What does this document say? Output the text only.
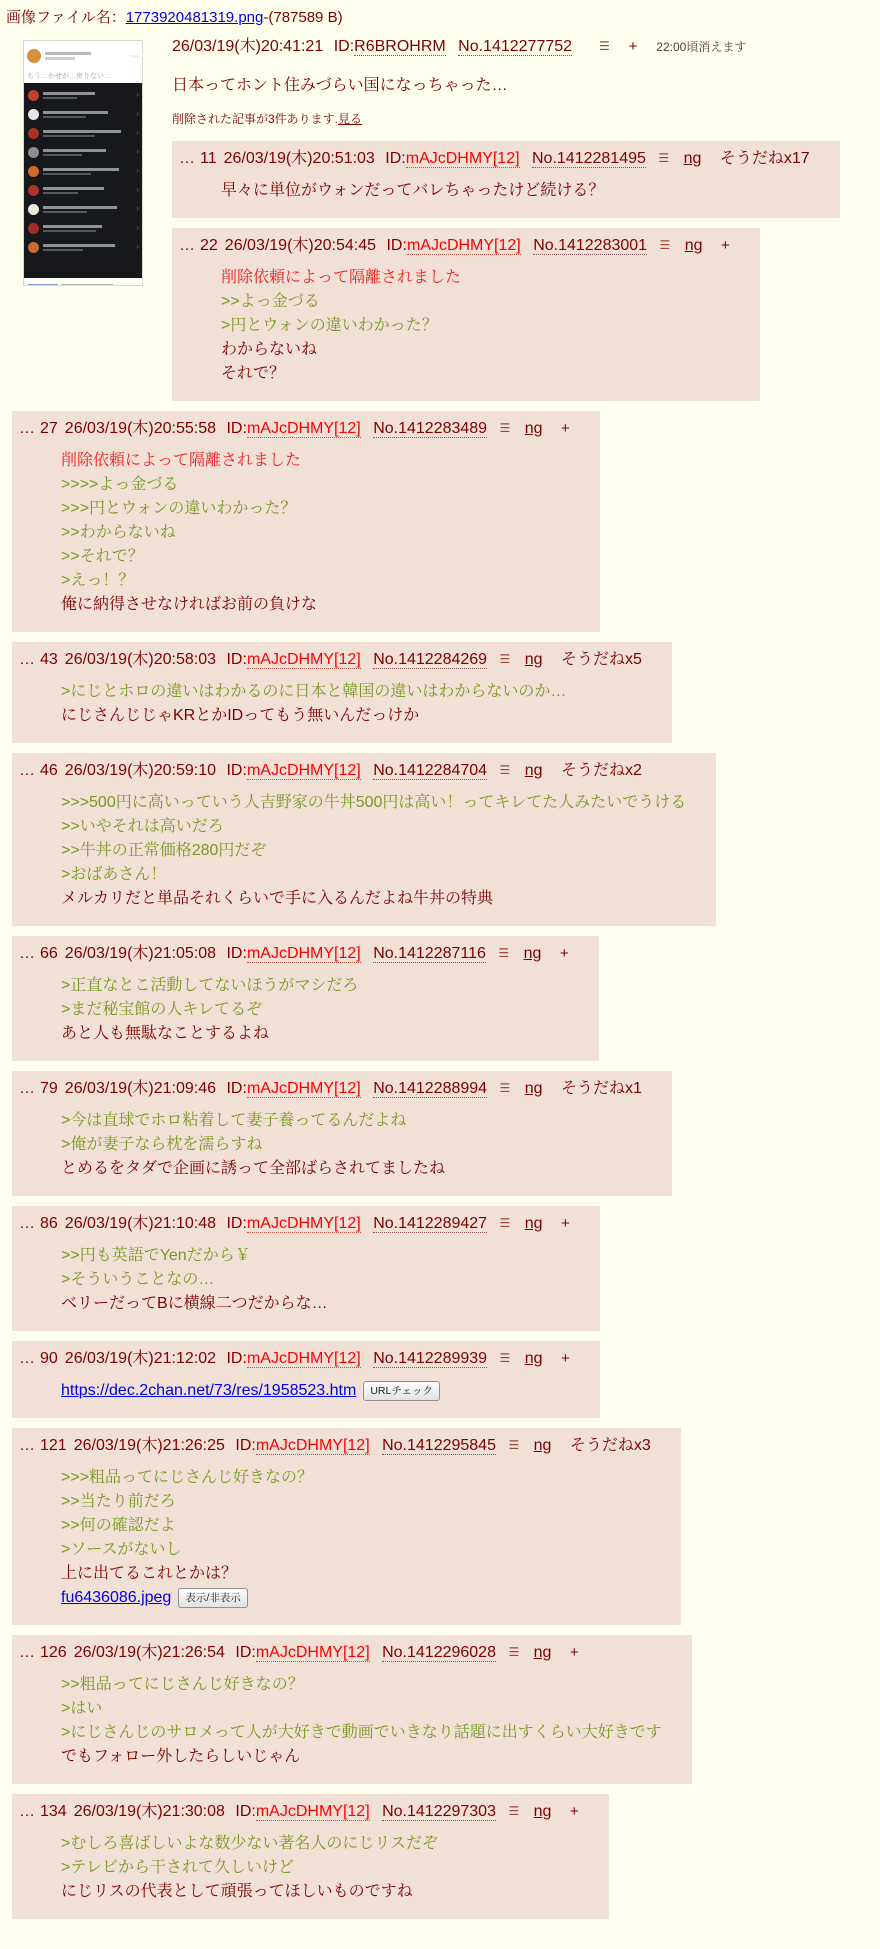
画像ファイル名：1773920481319.png-(787589 B)
⋯
もう…かせが…戻りない…
›
›
›
›
›
›
›
›
›
26/03/19(木)20:41:21 ID:R6BROHRM No.1412277752 ☰ + 22:00頃消えます
日本ってホント住みづらい国になっちゃった…
削除された記事が3件あります.見る
… 11 26/03/19(木)20:51:03 ID:mAJcDHMY[12] No.1412281495 ☰ ng そうだねx17
早々に単位がウォンだってバレちゃったけど続ける？
… 22 26/03/19(木)20:54:45 ID:mAJcDHMY[12] No.1412283001 ☰ ng +
削除依頼によって隔離されました
>>よっ金づる
>円とウォンの違いわかった？
わからないね
それで？
… 27 26/03/19(木)20:55:58 ID:mAJcDHMY[12] No.1412283489 ☰ ng +
削除依頼によって隔離されました
>>>>よっ金づる
>>>円とウォンの違いわかった？
>>わからないね
>>それで？
>えっ！？
俺に納得させなければお前の負けな
… 43 26/03/19(木)20:58:03 ID:mAJcDHMY[12] No.1412284269 ☰ ng そうだねx5
>にじとホロの違いはわかるのに日本と韓国の違いはわからないのか…
にじさんじじゃKRとかIDってもう無いんだっけか
… 46 26/03/19(木)20:59:10 ID:mAJcDHMY[12] No.1412284704 ☰ ng そうだねx2
>>>500円に高いっていう人吉野家の牛丼500円は高い！ってキレてた人みたいでうける
>>いやそれは高いだろ
>>牛丼の正常価格280円だぞ
>おばあさん！
メルカリだと単品それくらいで手に入るんだよね牛丼の特典
… 66 26/03/19(木)21:05:08 ID:mAJcDHMY[12] No.1412287116 ☰ ng +
>正直なとこ活動してないほうがマシだろ
>まだ秘宝館の人キレてるぞ
あと人も無駄なことするよね
… 79 26/03/19(木)21:09:46 ID:mAJcDHMY[12] No.1412288994 ☰ ng そうだねx1
>今は直球でホロ粘着して妻子養ってるんだよね
>俺が妻子なら枕を濡らすね
とめるをタダで企画に誘って全部ばらされてましたね
… 86 26/03/19(木)21:10:48 ID:mAJcDHMY[12] No.1412289427 ☰ ng +
>>円も英語でYenだから￥
>そういうことなの…
ベリーだってBに横線二つだからな…
… 90 26/03/19(木)21:12:02 ID:mAJcDHMY[12] No.1412289939 ☰ ng +
https://dec.2chan.net/73/res/1958523.htm URLチェック
… 121 26/03/19(木)21:26:25 ID:mAJcDHMY[12] No.1412295845 ☰ ng そうだねx3
>>>粗品ってにじさんじ好きなの？
>>当たり前だろ
>>何の確認だよ
>ソースがないし
上に出てるこれとかは？
fu6436086.jpeg 表示/非表示
… 126 26/03/19(木)21:26:54 ID:mAJcDHMY[12] No.1412296028 ☰ ng +
>>粗品ってにじさんじ好きなの？
>はい
>にじさんじのサロメって人が大好きで動画でいきなり話題に出すくらい大好きです
でもフォロー外したらしいじゃん
… 134 26/03/19(木)21:30:08 ID:mAJcDHMY[12] No.1412297303 ☰ ng +
>むしろ喜ばしいよな数少ない著名人のにじリスだぞ
>テレビから干されて久しいけど
にじリスの代表として頑張ってほしいものですね
